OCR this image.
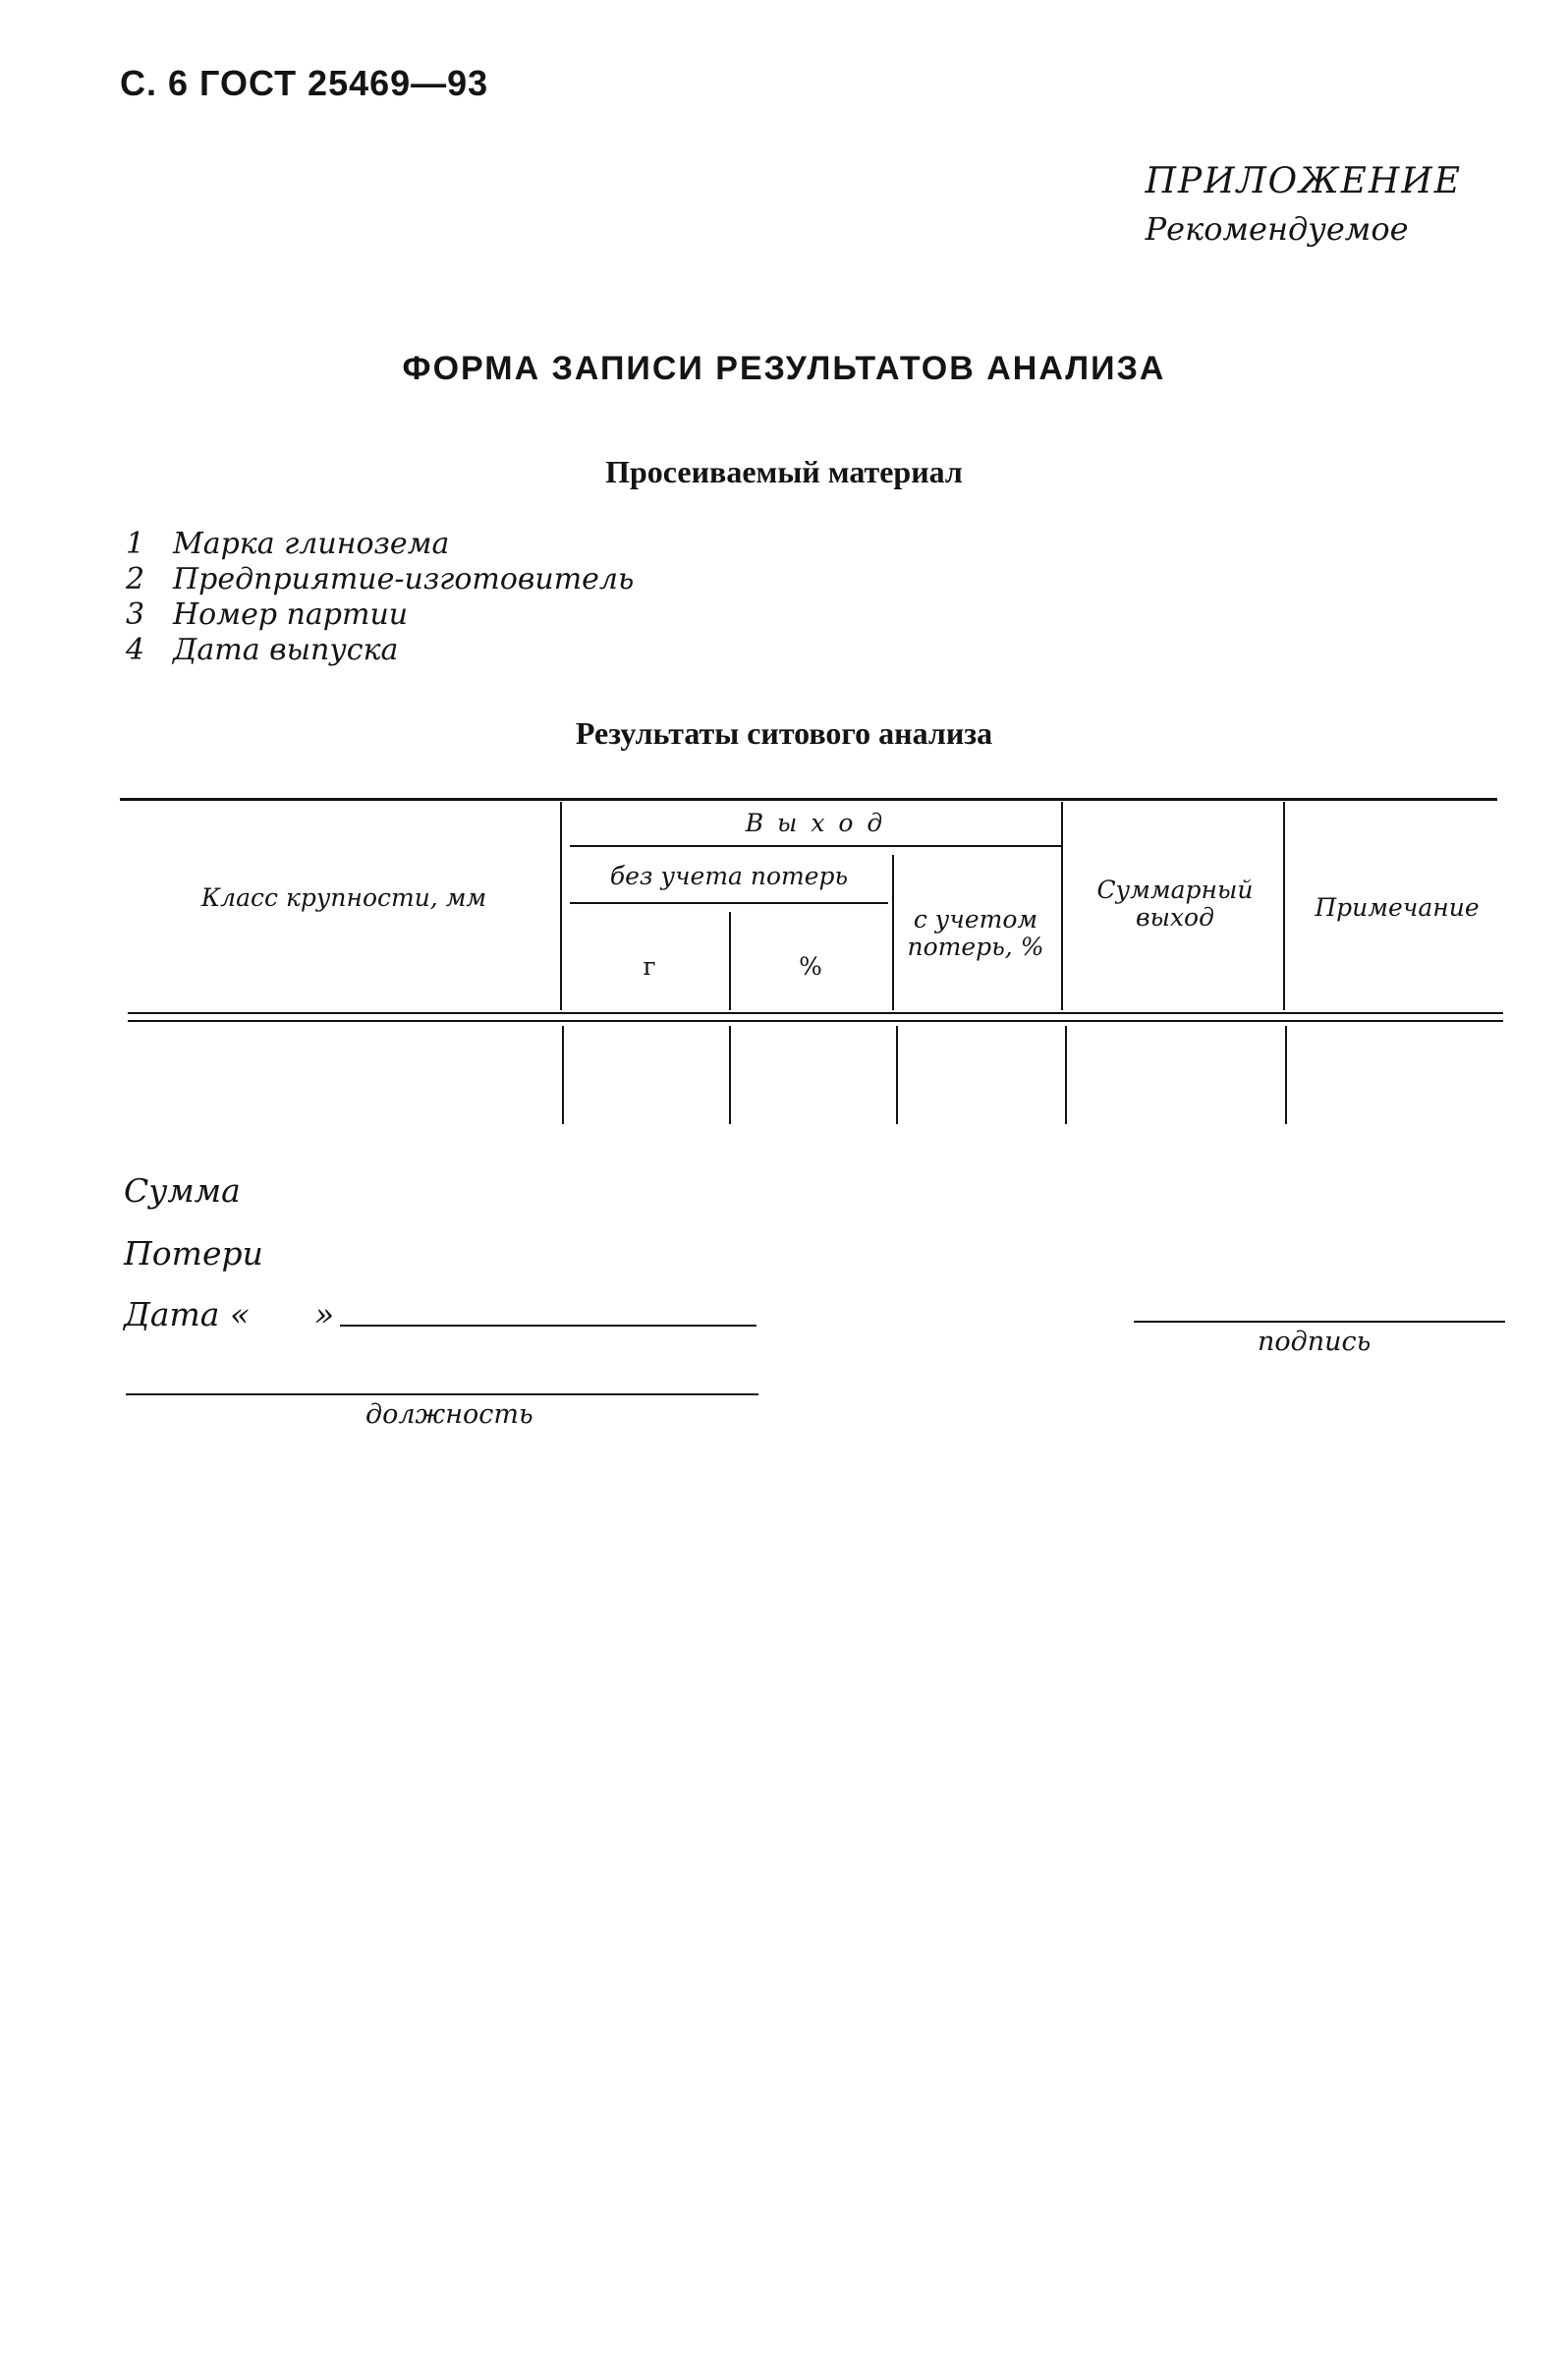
С. 6 ГОСТ 25469—93
ПРИЛОЖЕНИЕ
Рекомендуемое
ФОРМА ЗАПИСИ РЕЗУЛЬТАТОВ АНАЛИЗА
Просеиваемый материал
1 Марка глинозема
2 Предприятие-изготовитель
3 Номер партии
4 Дата выпуска
Результаты ситового анализа
Класс крупности, мм
В ы х о д
без учета потерь
г	%
с учетом потерь, %
Суммарный выход	Примечание
Сумма
Потери
Дата « »
подпись
должность
